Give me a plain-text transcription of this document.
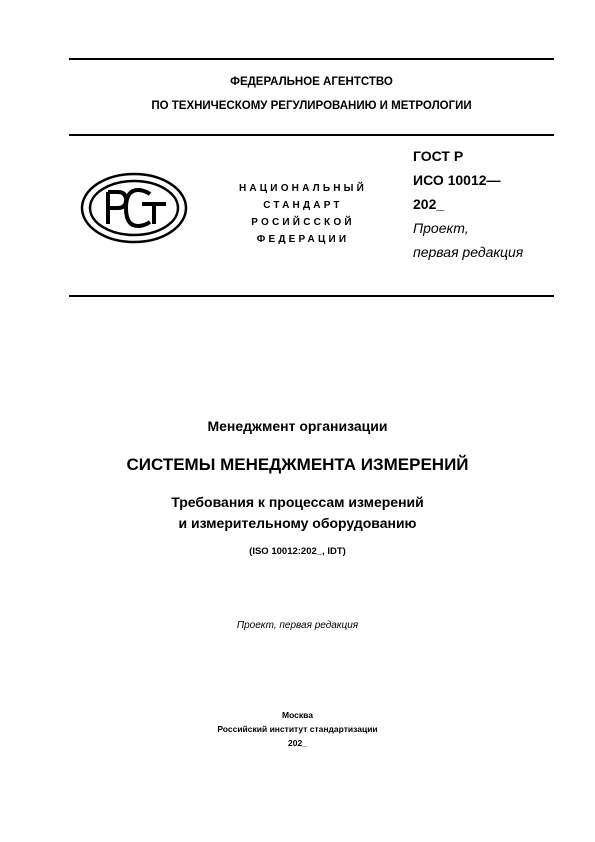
ФЕДЕРАЛЬНОЕ АГЕНТСТВО
ПО ТЕХНИЧЕСКОМУ РЕГУЛИРОВАНИЮ И МЕТРОЛОГИИ
НАЦИОНАЛЬНЫЙ
СТАНДАРТ
РОСИЙССКОЙ
ФЕДЕРАЦИИ
ГОСТ Р
ИСО 10012—
202_
Проект,
первая редакция
Менеджмент организации
СИСТЕМЫ МЕНЕДЖМЕНТА ИЗМЕРЕНИЙ
Требования к процессам измерений
и измерительному оборудованию
(ISO 10012:202_, IDT)
Проект, первая редакция
Москва
Российский институт стандартизации
202_
